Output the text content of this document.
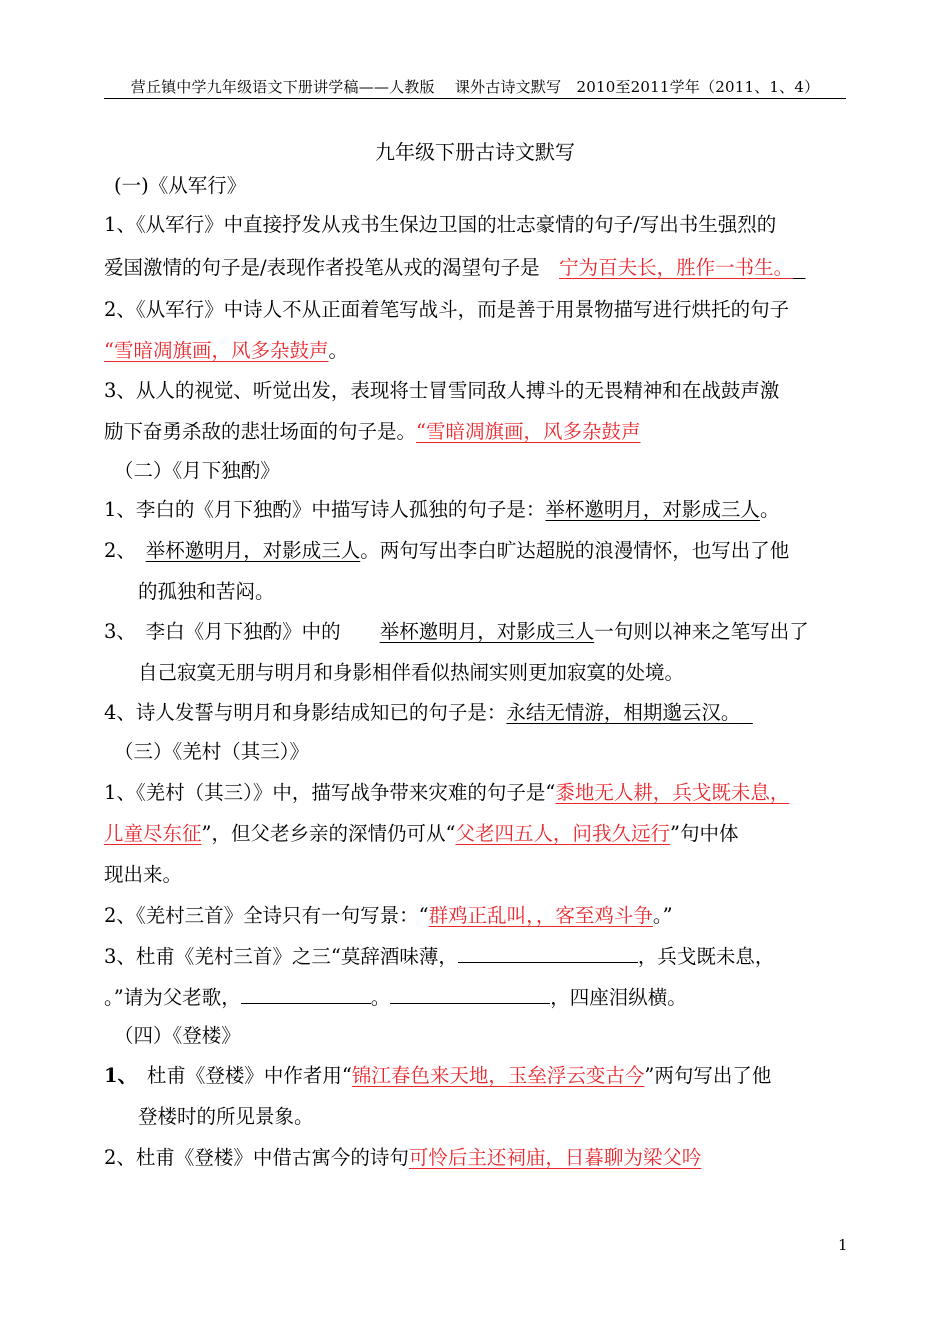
营丘镇中学九年级语文下册讲学稿——人教版　 课外古诗文默写　2010至2011学年（2011、1、4）
九年级下册古诗文默写
(一)《从军行》
1、《从军行》中直接抒发从戎书生保边卫国的壮志豪情的句子/写出书生强烈的
爱国激情的句子是/表现作者投笔从戎的渴望句子是　 宁为百夫长，胜作一书生。
2、《从军行》中诗人不从正面着笔写战斗，而是善于用景物描写进行烘托的句子
“雪暗凋旗画，风多杂鼓声。
3、从人的视觉、听觉出发，表现将士冒雪同敌人搏斗的无畏精神和在战鼓声激
励下奋勇杀敌的悲壮场面的句子是。“雪暗凋旗画，风多杂鼓声
（二）《月下独酌》
1、李白的《月下独酌》中描写诗人孤独的句子是：举杯邀明月，对影成三人。
2、　 举杯邀明月，对影成三人。两句写出李白旷达超脱的浪漫情怀，也写出了他
的孤独和苦闷。
3、　李白《月下独酌》中的　　 举杯邀明月，对影成三人一句则以神来之笔写出了
自己寂寞无朋与明月和身影相伴看似热闹实则更加寂寞的处境。
4、诗人发誓与明月和身影结成知已的句子是：永结无情游，相期邈云汉。
（三）《羌村（其三）》
1、《羌村（其三）》中，描写战争带来灾难的句子是“黍地无人耕，兵戈既未息，
儿童尽东征”，但父老乡亲的深情仍可从“父老四五人，问我久远行”句中体
现出来。
2、《羌村三首》全诗只有一句写景：“群鸡正乱叫，，客至鸡斗争。”
3、杜甫《羌村三首》之三“莫辞酒味薄，	，兵戈既未息，
。”请为父老歌，	。	，四座泪纵横。
（四）《登楼》
1、　 杜甫《登楼》中作者用“锦江春色来天地，玉垒浮云变古今”两句写出了他
登楼时的所见景象。
2、杜甫《登楼》中借古寓今的诗句可怜后主还祠庙，日暮聊为梁父吟
1
